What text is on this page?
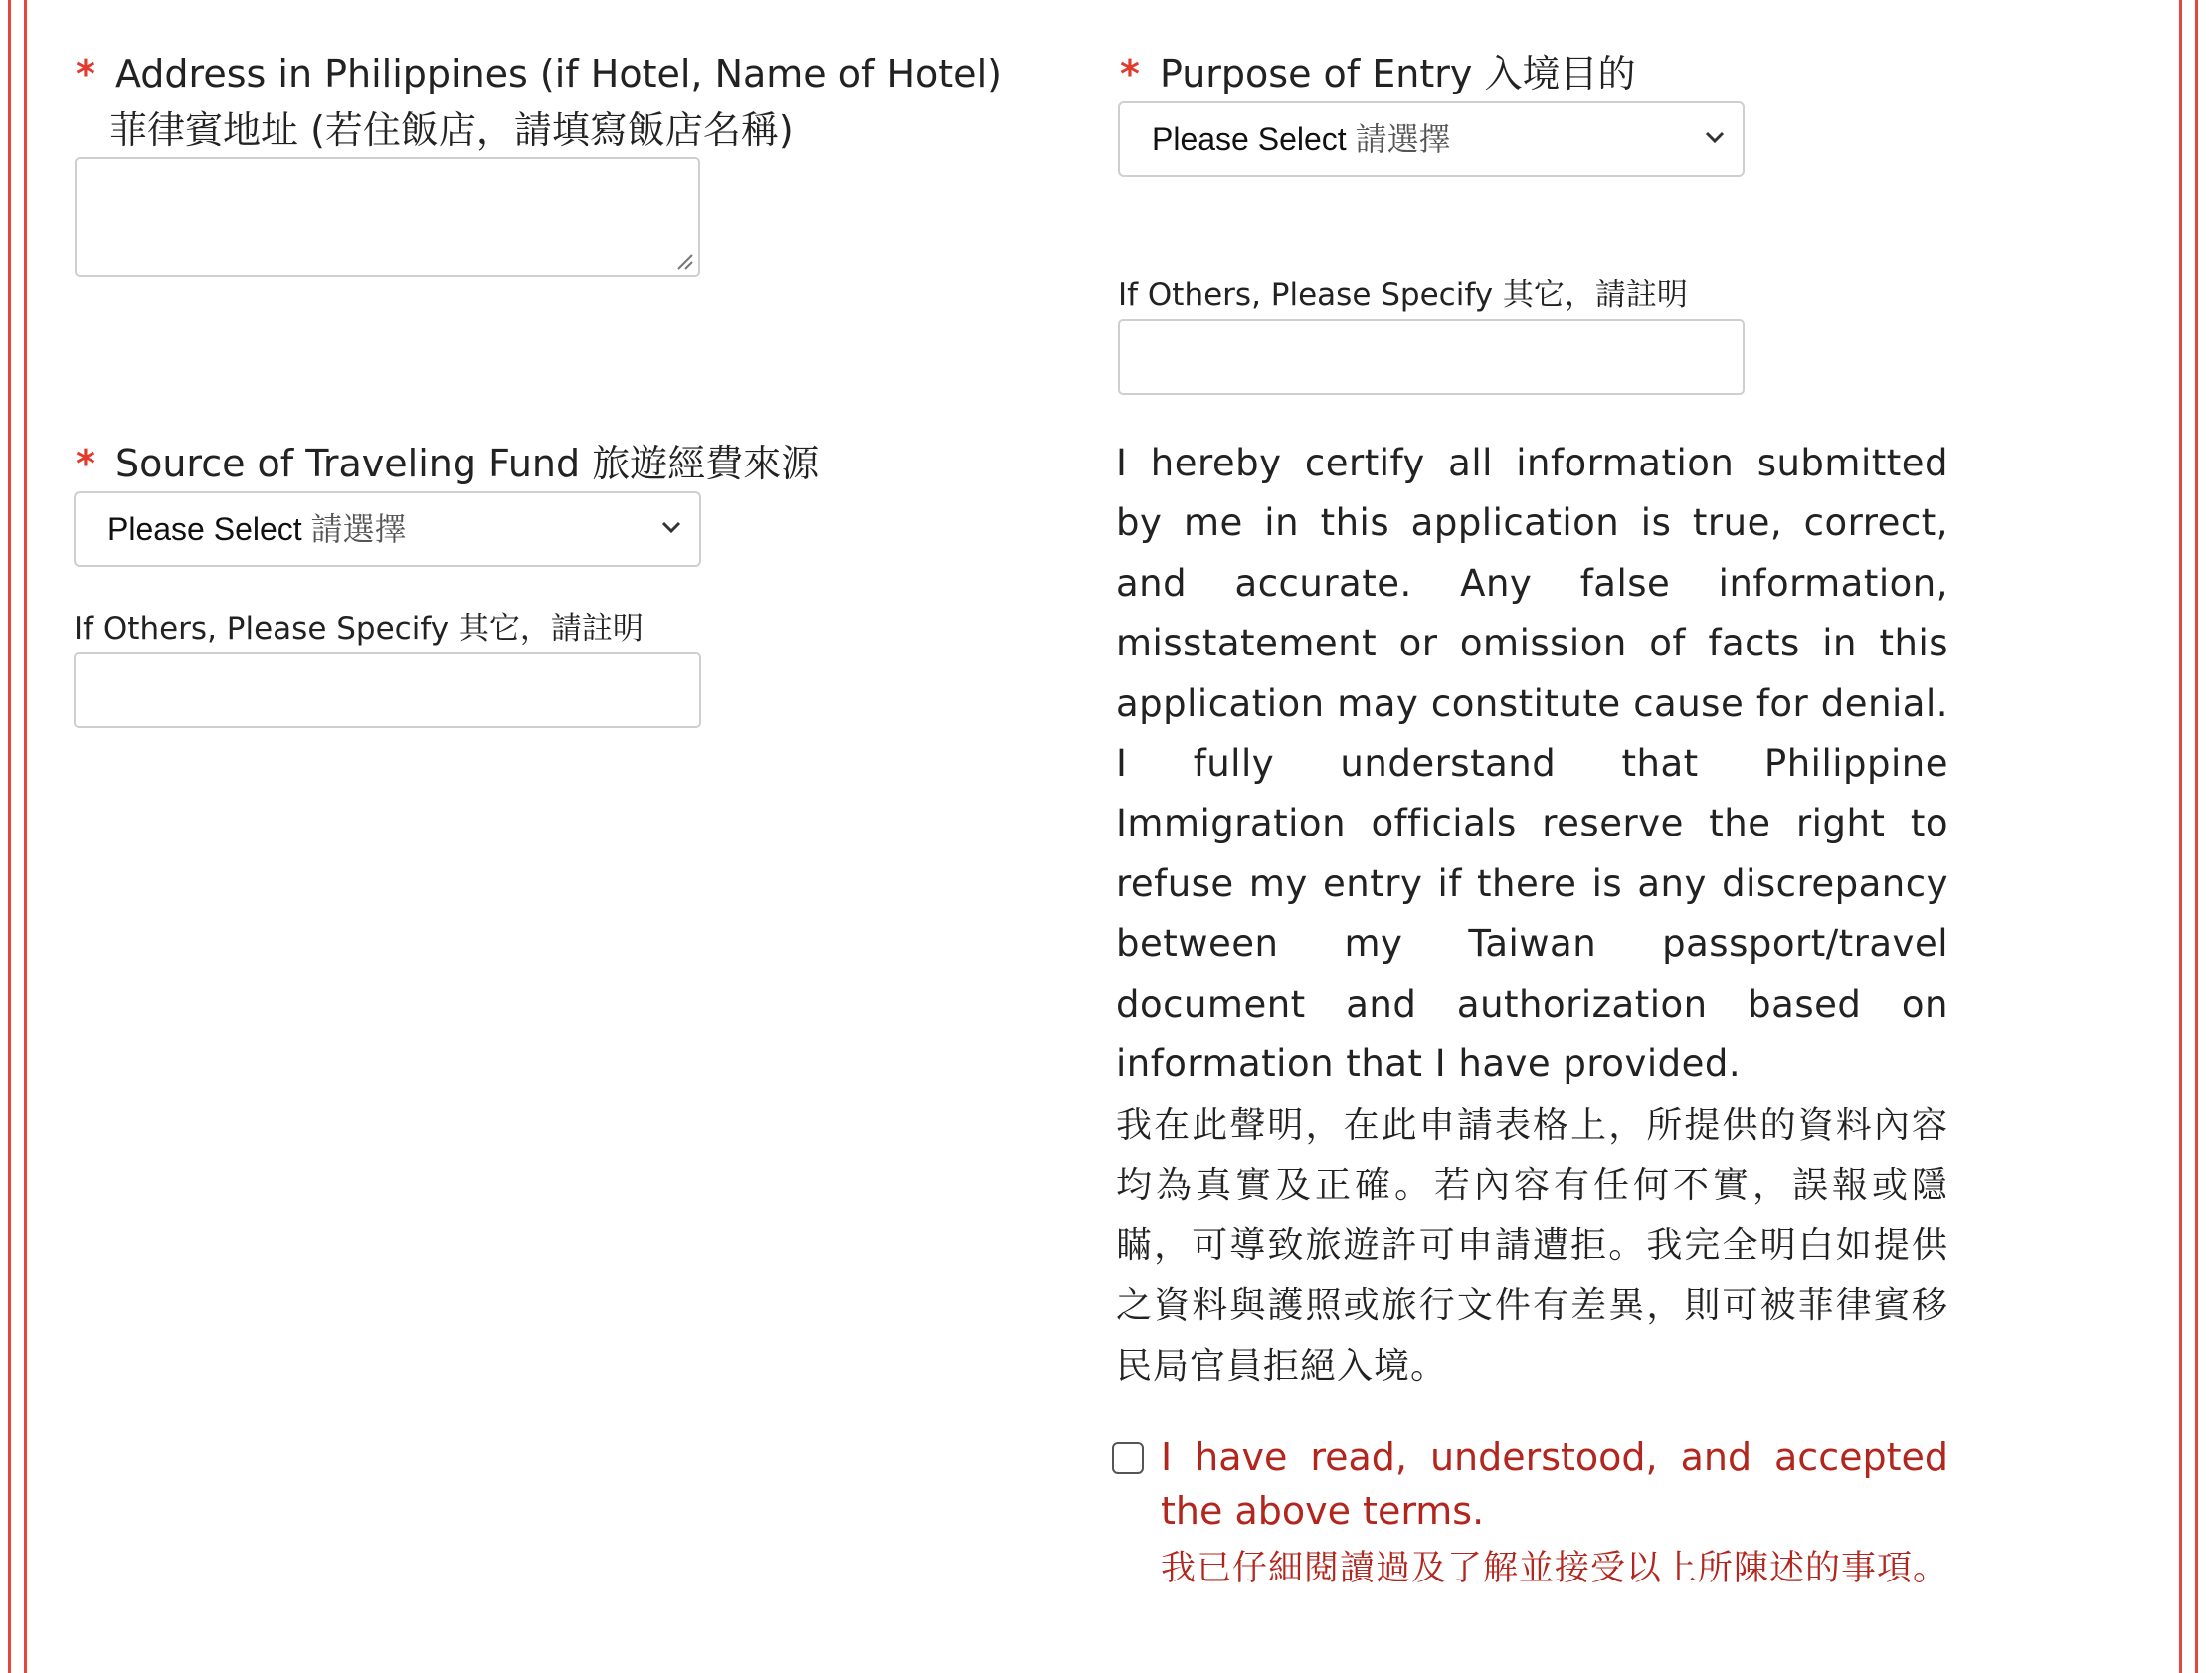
* Address in Philippines (if Hotel, Name of Hotel)
菲律賓地址 (若住飯店，請填寫飯店名稱)
* Purpose of Entry 入境目的
Please Select 請選擇
If Others, Please Specify 其它，請註明
* Source of Traveling Fund 旅遊經費來源
Please Select 請選擇
If Others, Please Specify 其它，請註明
I hereby certify all information submitted by me in this application is true, correct, and accurate. Any false information, misstatement or omission of facts in this application may constitute cause for denial. I fully understand that Philippine Immigration officials reserve the right to refuse my entry if there is any discrepancy between my Taiwan passport/travel document and authorization based on information that I have provided.
我在此聲明，在此申請表格上，所提供的資料內容均為真實及正確。若內容有任何不實，誤報或隱瞞，可導致旅遊許可申請遭拒。我完全明白如提供之資料與護照或旅行文件有差異，則可被菲律賓移民局官員拒絕入境。
I have read, understood, and accepted the above terms.
我已仔細閱讀過及了解並接受以上所陳述的事項。
